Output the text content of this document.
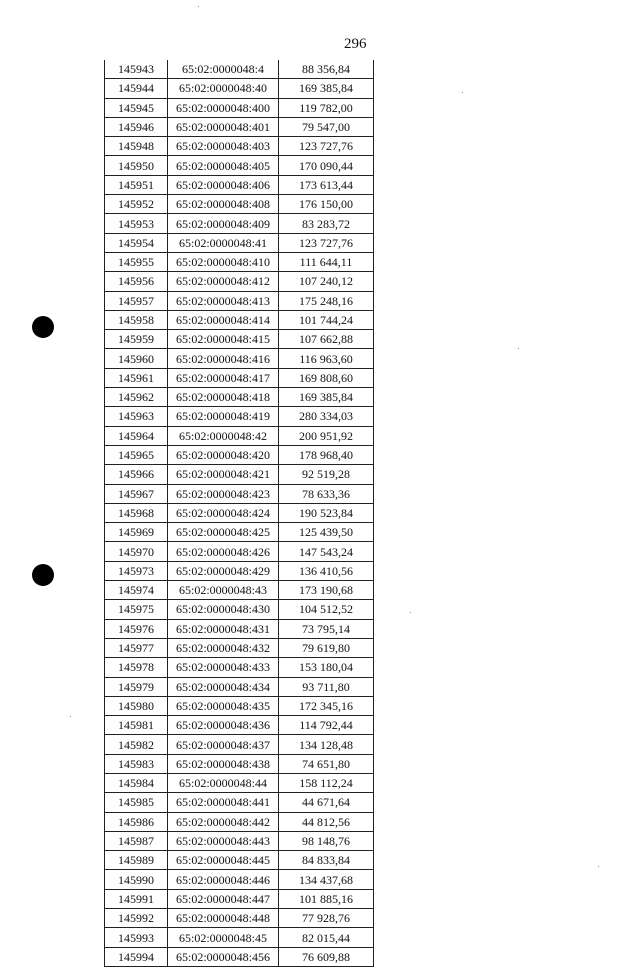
296
145943	65:02:0000048:4	88 356,84
145944	65:02:0000048:40	169 385,84
145945	65:02:0000048:400	119 782,00
145946	65:02:0000048:401	79 547,00
145948	65:02:0000048:403	123 727,76
145950	65:02:0000048:405	170 090,44
145951	65:02:0000048:406	173 613,44
145952	65:02:0000048:408	176 150,00
145953	65:02:0000048:409	83 283,72
145954	65:02:0000048:41	123 727,76
145955	65:02:0000048:410	111 644,11
145956	65:02:0000048:412	107 240,12
145957	65:02:0000048:413	175 248,16
145958	65:02:0000048:414	101 744,24
145959	65:02:0000048:415	107 662,88
145960	65:02:0000048:416	116 963,60
145961	65:02:0000048:417	169 808,60
145962	65:02:0000048:418	169 385,84
145963	65:02:0000048:419	280 334,03
145964	65:02:0000048:42	200 951,92
145965	65:02:0000048:420	178 968,40
145966	65:02:0000048:421	92 519,28
145967	65:02:0000048:423	78 633,36
145968	65:02:0000048:424	190 523,84
145969	65:02:0000048:425	125 439,50
145970	65:02:0000048:426	147 543,24
145973	65:02:0000048:429	136 410,56
145974	65:02:0000048:43	173 190,68
145975	65:02:0000048:430	104 512,52
145976	65:02:0000048:431	73 795,14
145977	65:02:0000048:432	79 619,80
145978	65:02:0000048:433	153 180,04
145979	65:02:0000048:434	93 711,80
145980	65:02:0000048:435	172 345,16
145981	65:02:0000048:436	114 792,44
145982	65:02:0000048:437	134 128,48
145983	65:02:0000048:438	74 651,80
145984	65:02:0000048:44	158 112,24
145985	65:02:0000048:441	44 671,64
145986	65:02:0000048:442	44 812,56
145987	65:02:0000048:443	98 148,76
145989	65:02:0000048:445	84 833,84
145990	65:02:0000048:446	134 437,68
145991	65:02:0000048:447	101 885,16
145992	65:02:0000048:448	77 928,76
145993	65:02:0000048:45	82 015,44
145994	65:02:0000048:456	76 609,88
